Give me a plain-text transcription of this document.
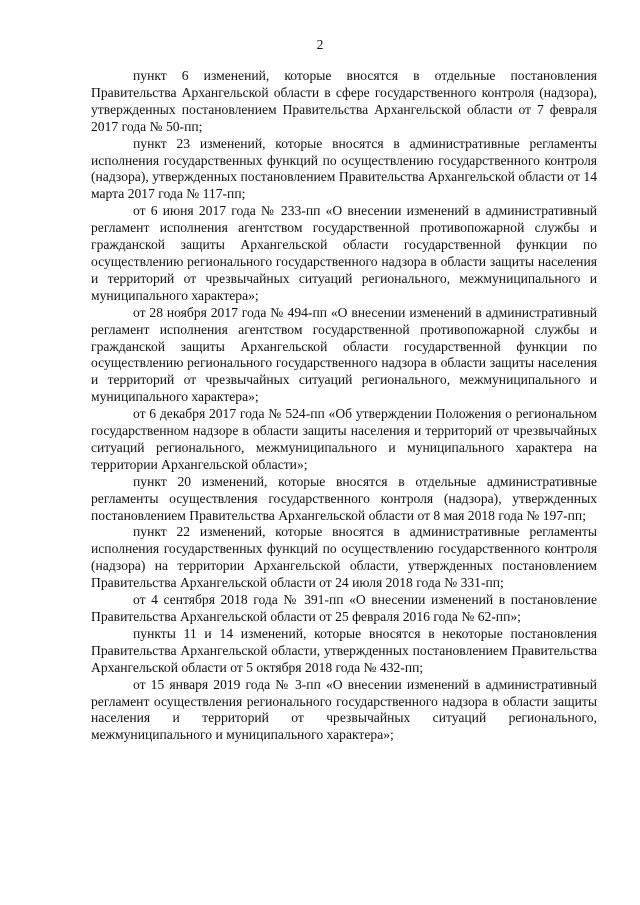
2

пункт 6 изменений, которые вносятся в отдельные постановления Правительства Архангельской области в сфере государственного контроля (надзора), утвержденных постановлением Правительства Архангельской области от 7 февраля 2017 года № 50-пп;

пункт 23 изменений, которые вносятся в административные регламенты исполнения государственных функций по осуществлению государственного контроля (надзора), утвержденных постановлением Правительства Архангельской области от 14 марта 2017 года № 117-пп;

от 6 июня 2017 года № 233-пп «О внесении изменений в административный регламент исполнения агентством государственной противопожарной службы и гражданской защиты Архангельской области государственной функции по осуществлению регионального государственного надзора в области защиты населения и территорий от чрезвычайных ситуаций регионального, межмуниципального и муниципального характера»;

от 28 ноября 2017 года № 494-пп «О внесении изменений в административный регламент исполнения агентством государственной противопожарной службы и гражданской защиты Архангельской области государственной функции по осуществлению регионального государственного надзора в области защиты населения и территорий от чрезвычайных ситуаций регионального, межмуниципального и муниципального характера»;

от 6 декабря 2017 года № 524-пп «Об утверждении Положения о региональном государственном надзоре в области защиты населения и территорий от чрезвычайных ситуаций регионального, межмуниципального и муниципального характера на территории Архангельской области»;

пункт 20 изменений, которые вносятся в отдельные административные регламенты осуществления государственного контроля (надзора), утвержденных постановлением Правительства Архангельской области от 8 мая 2018 года № 197-пп;

пункт 22 изменений, которые вносятся в административные регламенты исполнения государственных функций по осуществлению государственного контроля (надзора) на территории Архангельской области, утвержденных постановлением Правительства Архангельской области от 24 июля 2018 года № 331-пп;

от 4 сентября 2018 года № 391-пп «О внесении изменений в постановление Правительства Архангельской области от 25 февраля 2016 года № 62-пп»;

пункты 11 и 14 изменений, которые вносятся в некоторые постановления Правительства Архангельской области, утвержденных постановлением Правительства Архангельской области от 5 октября 2018 года № 432-пп;

от 15 января 2019 года № 3-пп «О внесении изменений в административный регламент осуществления регионального государственного надзора в области защиты населения и территорий от чрезвычайных ситуаций регионального, межмуниципального и муниципального характера»;
